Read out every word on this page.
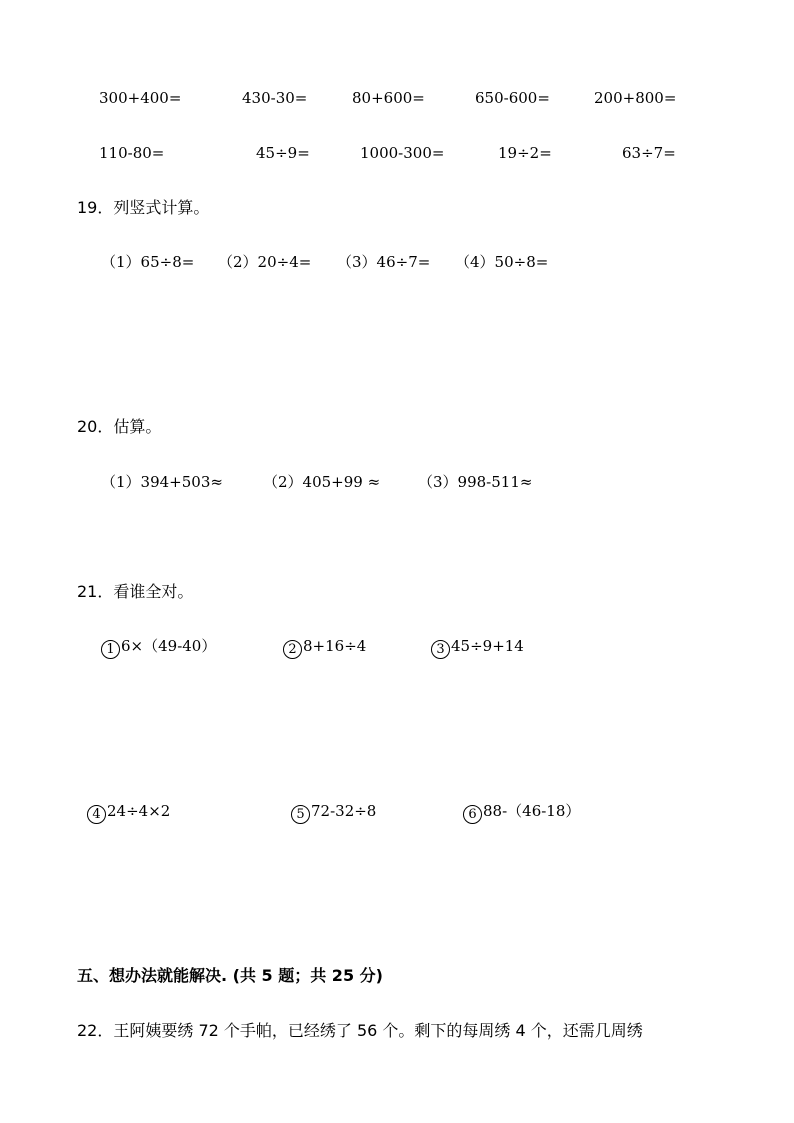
300+400=	430-30=	80+600=	650-600=	200+800=
110-80=	45÷9=	1000-300=	19÷2=	63÷7=
19．列竖式计算。
（1）65÷8= （2）20÷4= （3）46÷7= （4）50÷8=
20．估算。
（1）394+503≈	（2）405+99 ≈	（3）998-511≈
21．看谁全对。
1 6×（49-40）	2 8+16÷4	3 45÷9+14
4 24÷4×2	5 72-32÷8	6 88-（46-18）
五、想办法就能解决. (共 5 题；共 25 分)
22．王阿姨要绣 72 个手帕，已经绣了 56 个。剩下的每周绣 4 个，还需几周绣
